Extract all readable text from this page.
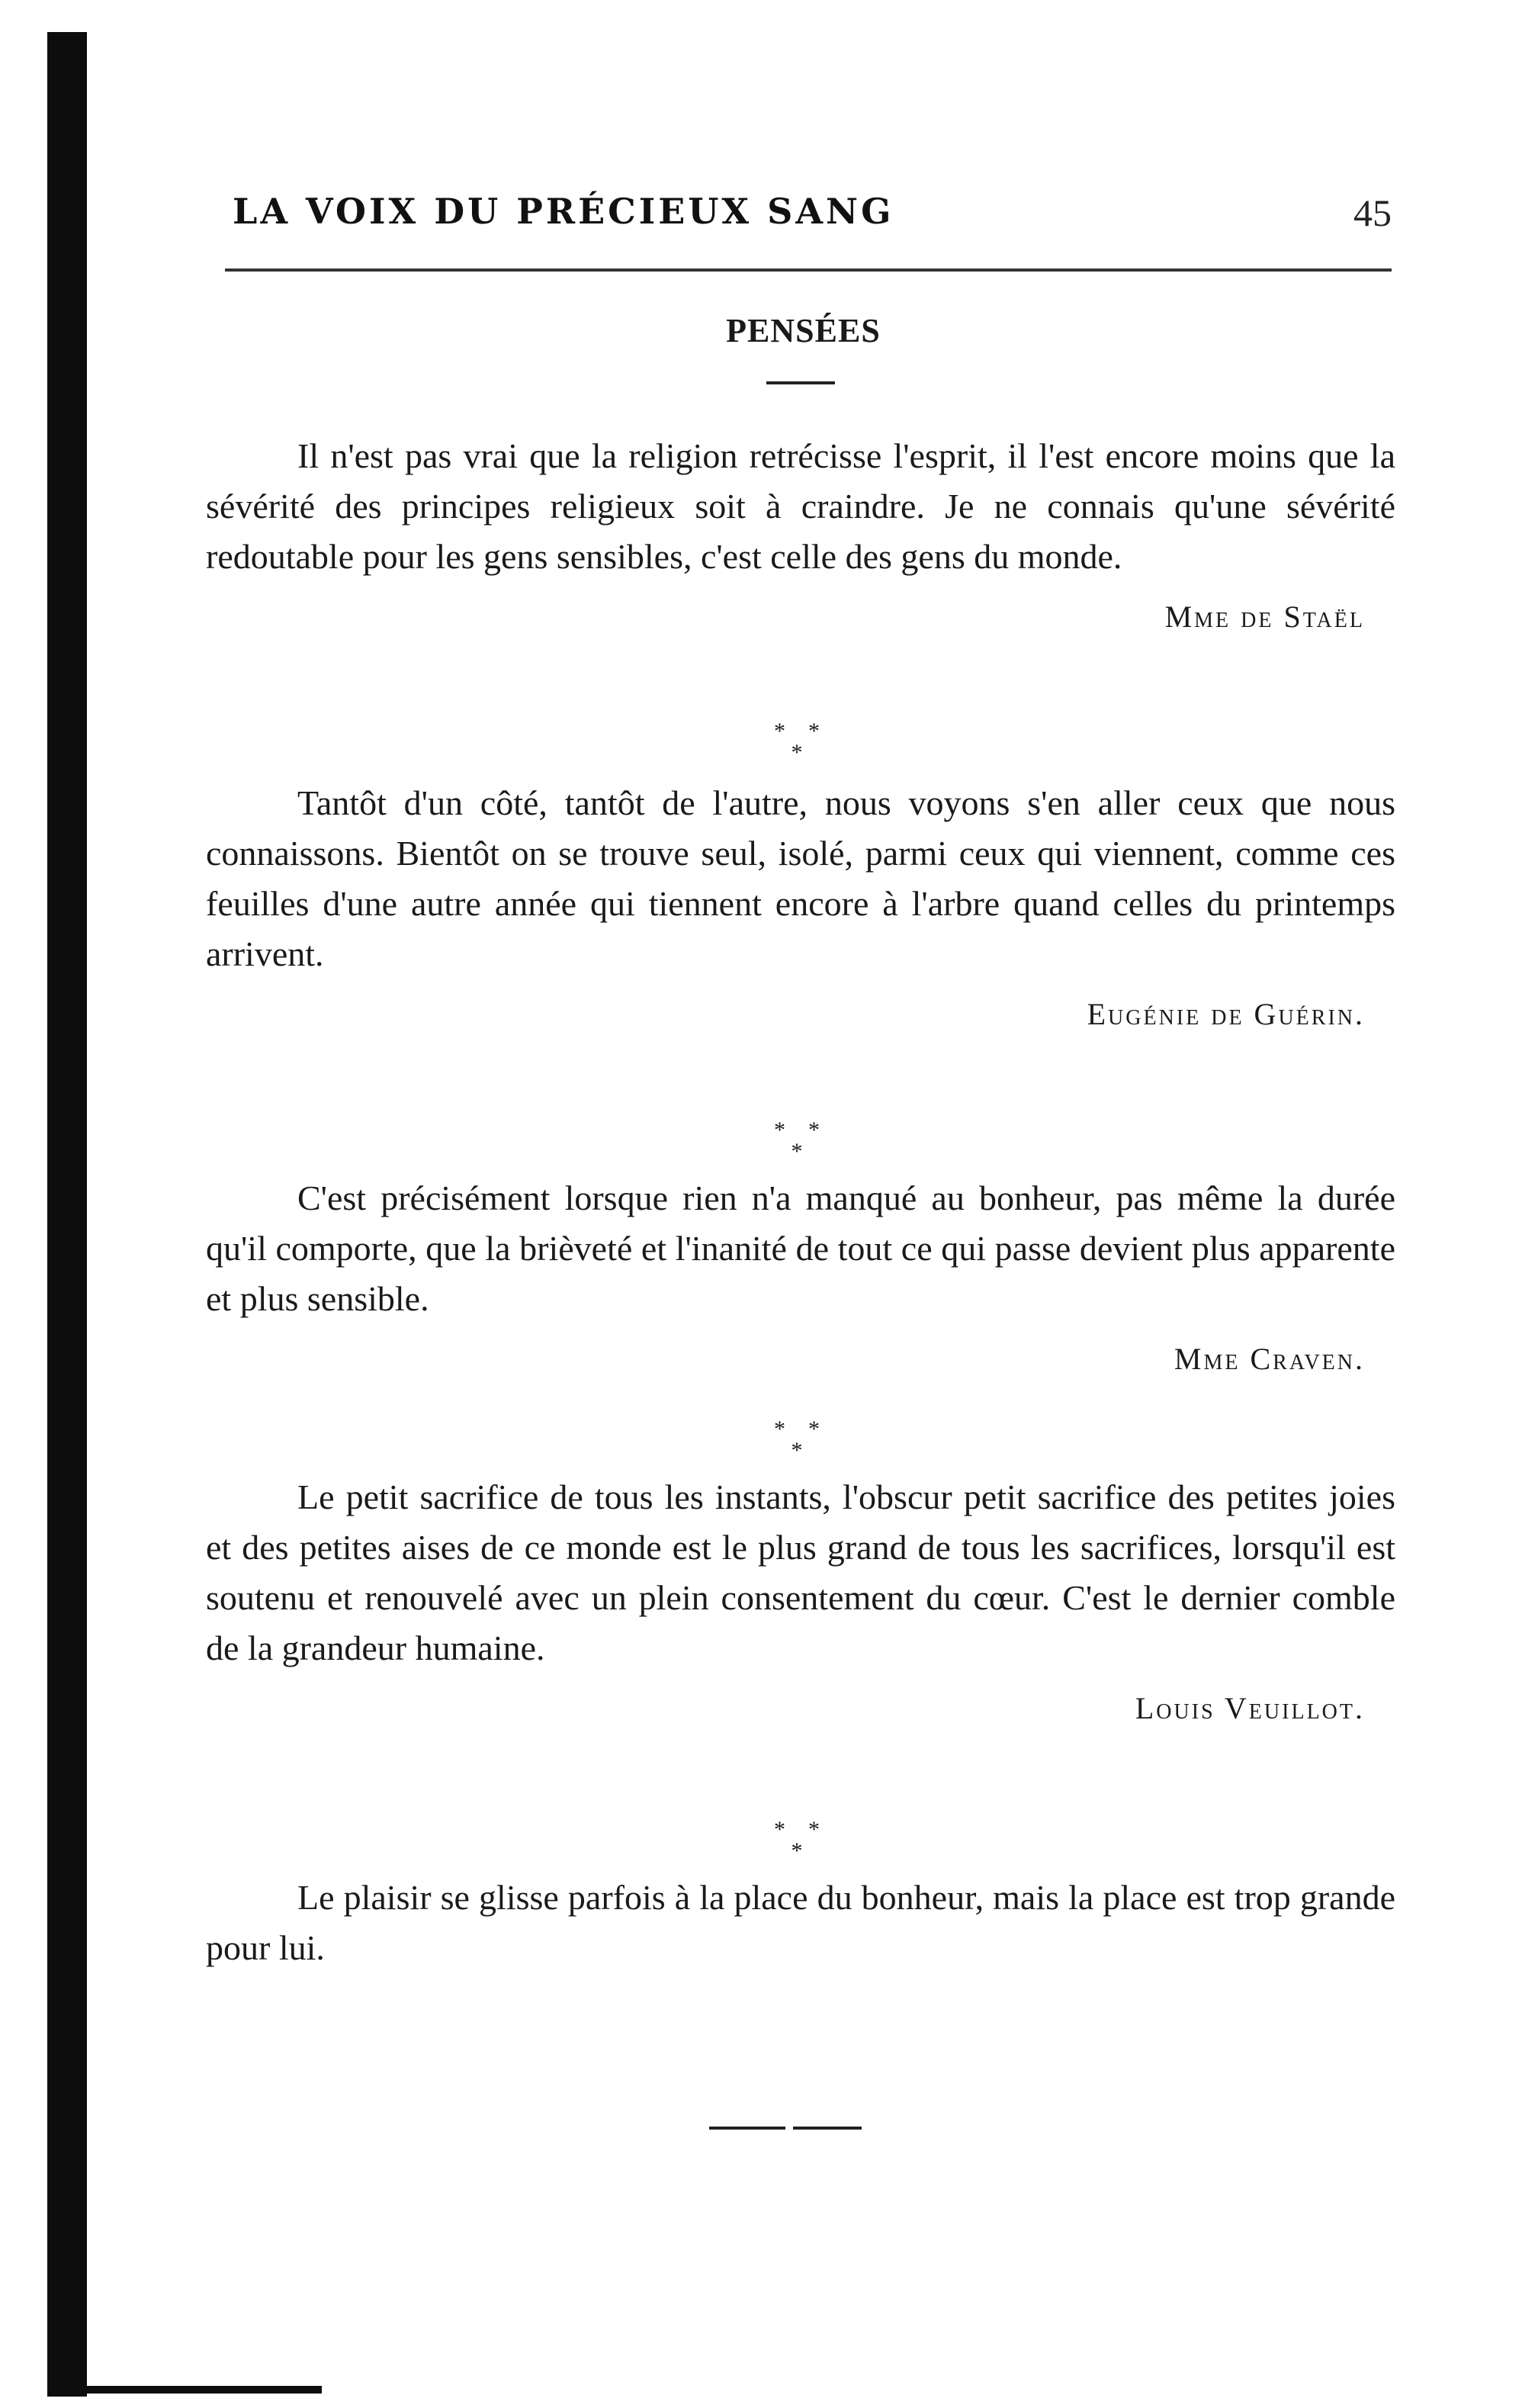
LA VOIX DU PRÉCIEUX SANG	45
PENSÉES

Il n'est pas vrai que la religion retrécisse l'esprit, il l'est encore moins que la sévérité des principes religieux soit à craindre. Je ne connais qu'une sévérité redoutable pour les gens sensibles, c'est celle des gens du monde.

Mme de Staël
* *
*

Tantôt d'un côté, tantôt de l'autre, nous voyons s'en aller ceux que nous connaissons. Bientôt on se trouve seul, isolé, parmi ceux qui viennent, comme ces feuilles d'une autre année qui tiennent encore à l'arbre quand celles du printemps arrivent.

Eugénie de Guérin.
* *
*

C'est précisément lorsque rien n'a manqué au bonheur, pas même la durée qu'il comporte, que la brièveté et l'inanité de tout ce qui passe devient plus apparente et plus sensible.

Mme Craven.
* *
*

Le petit sacrifice de tous les instants, l'obscur petit sacrifice des petites joies et des petites aises de ce monde est le plus grand de tous les sacrifices, lorsqu'il est soutenu et renouvelé avec un plein consentement du cœur. C'est le dernier comble de la grandeur humaine.

Louis Veuillot.
* *
*

Le plaisir se glisse parfois à la place du bonheur, mais la place est trop grande pour lui.
